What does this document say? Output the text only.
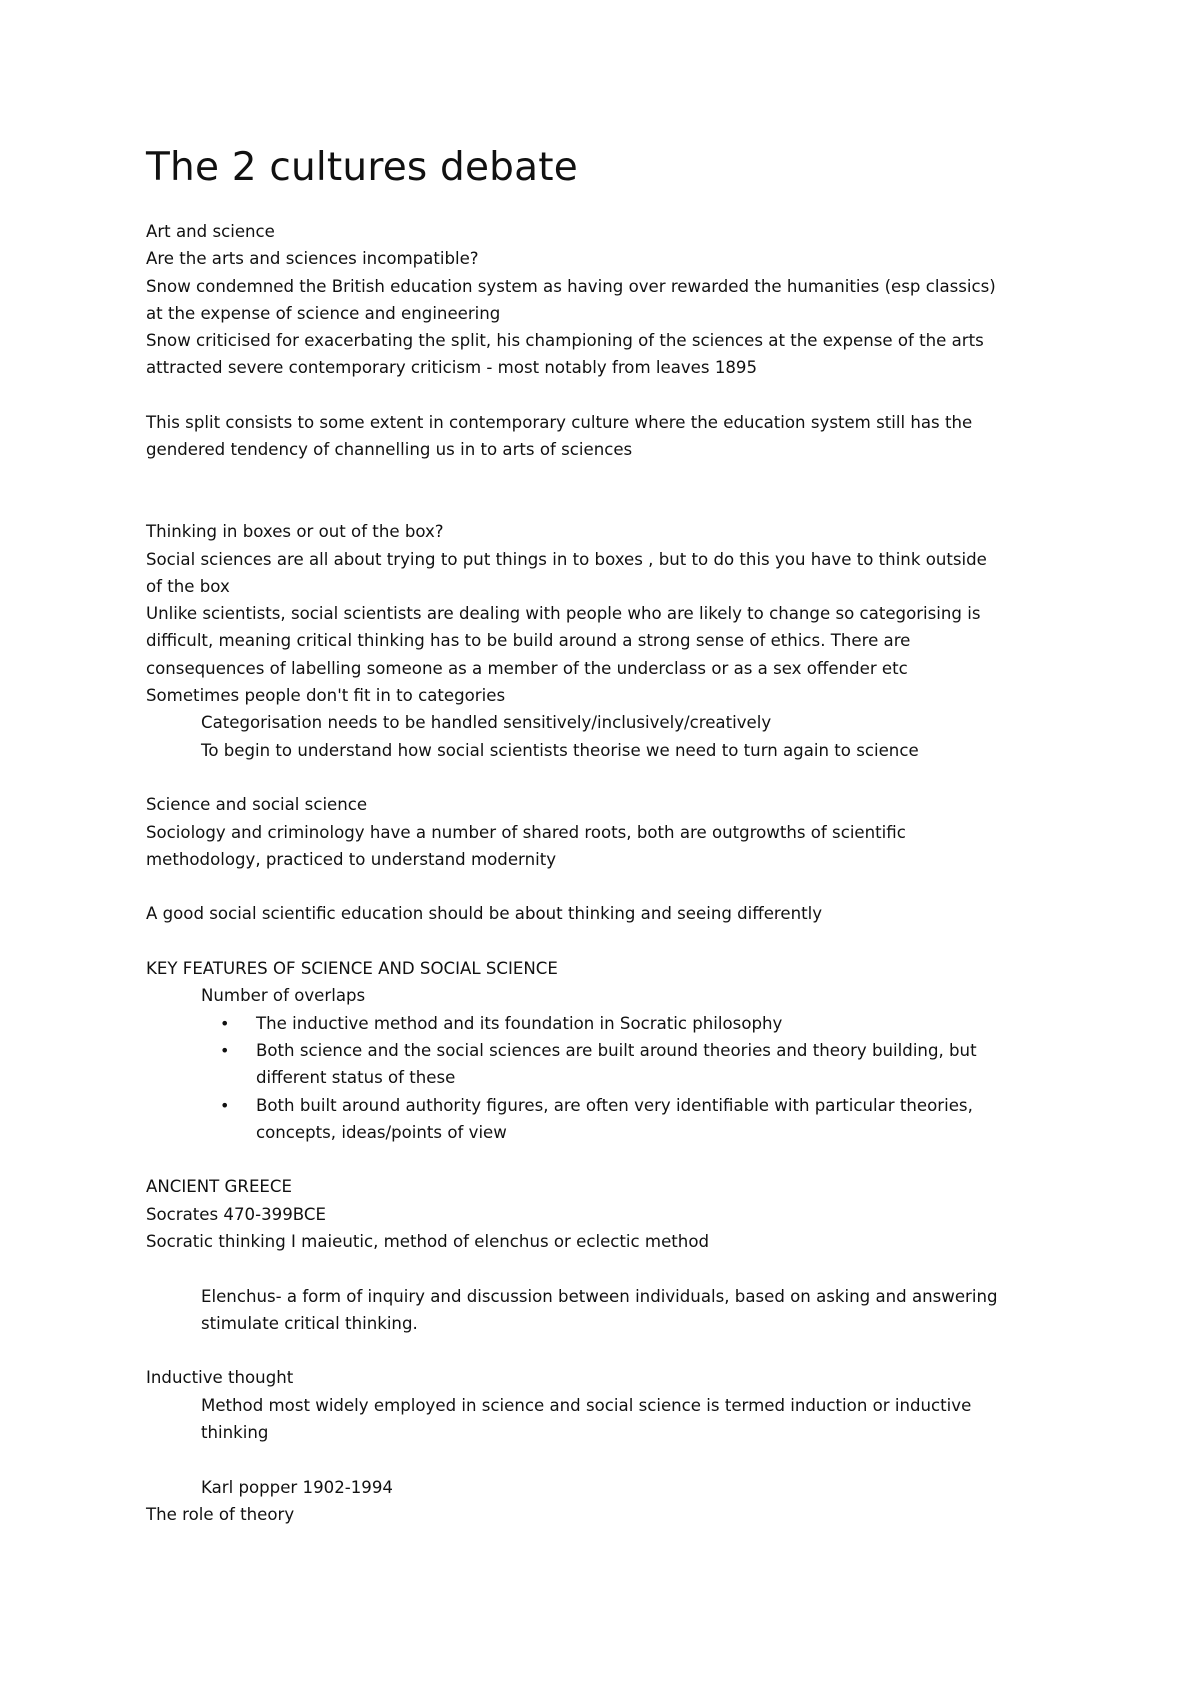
The 2 cultures debate
Art and science
Are the arts and sciences incompatible?
Snow condemned the British education system as having over rewarded the humanities (esp classics)
at the expense of science and engineering
Snow criticised for exacerbating the split, his championing of the sciences at the expense of the arts
attracted severe contemporary criticism - most notably from leaves 1895
This split consists to some extent in contemporary culture where the education system still has the
gendered tendency of channelling us in to arts of sciences
Thinking in boxes or out of the box?
Social sciences are all about trying to put things in to boxes , but to do this you have to think outside
of the box
Unlike scientists, social scientists are dealing with people who are likely to change so categorising is
difficult, meaning critical thinking has to be build around a strong sense of ethics. There are
consequences of labelling someone as a member of the underclass or as a sex offender etc
Sometimes people don't fit in to categories
Categorisation needs to be handled sensitively/inclusively/creatively
To begin to understand how social scientists theorise we need to turn again to science
Science and social science
Sociology and criminology have a number of shared roots, both are outgrowths of scientific
methodology, practiced to understand modernity
A good social scientific education should be about thinking and seeing differently
KEY FEATURES OF SCIENCE AND SOCIAL SCIENCE
Number of overlaps
• The inductive method and its foundation in Socratic philosophy
• Both science and the social sciences are built around theories and theory building, but
different status of these
• Both built around authority figures, are often very identifiable with particular theories,
concepts, ideas/points of view
ANCIENT GREECE
Socrates 470-399BCE
Socratic thinking I maieutic, method of elenchus or eclectic method
Elenchus- a form of inquiry and discussion between individuals, based on asking and answering
stimulate critical thinking.
Inductive thought
Method most widely employed in science and social science is termed induction or inductive
thinking
Karl popper 1902-1994
The role of theory
